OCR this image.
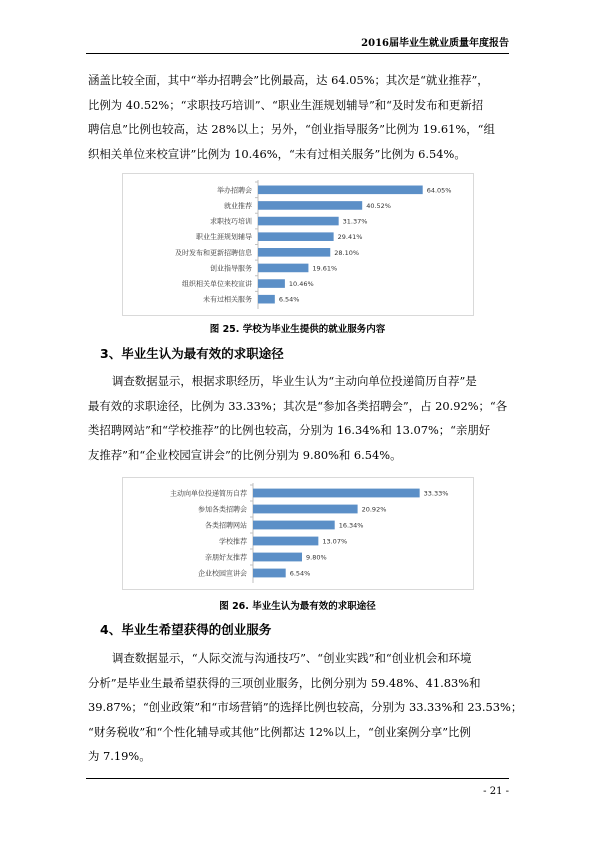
2016届毕业生就业质量年度报告
涵盖比较全面，其中“举办招聘会”比例最高，达 64.05%；其次是“就业推荐”，
比例为 40.52%；“求职技巧培训”、“职业生涯规划辅导”和“及时发布和更新招
聘信息”比例也较高，达 28%以上；另外，“创业指导服务”比例为 19.61%，“组
织相关单位来校宣讲”比例为 10.46%，“未有过相关服务”比例为 6.54%。
举办招聘会	64.05%
就业推荐	40.52%
求职技巧培训	31.37%
职业生涯规划辅导	29.41%
及时发布和更新招聘信息	28.10%
创业指导服务	19.61%
组织相关单位来校宣讲	10.46%
未有过相关服务	6.54%
图 25. 学校为毕业生提供的就业服务内容
3、毕业生认为最有效的求职途径
调查数据显示，根据求职经历，毕业生认为“主动向单位投递简历自荐”是
最有效的求职途径，比例为 33.33%；其次是“参加各类招聘会”，占 20.92%；“各
类招聘网站”和“学校推荐”的比例也较高，分别为 16.34%和 13.07%；“亲朋好
友推荐”和“企业校园宣讲会”的比例分别为 9.80%和 6.54%。
主动向单位投递简历自荐	33.33%
参加各类招聘会	20.92%
各类招聘网站	16.34%
学校推荐	13.07%
亲朋好友推荐	9.80%
企业校园宣讲会	6.54%
图 26. 毕业生认为最有效的求职途径
4、毕业生希望获得的创业服务
调查数据显示，“人际交流与沟通技巧”、“创业实践”和“创业机会和环境
分析”是毕业生最希望获得的三项创业服务，比例分别为 59.48%、41.83%和
39.87%；“创业政策”和“市场营销”的选择比例也较高，分别为 33.33%和 23.53%；
“财务税收”和“个性化辅导或其他”比例都达 12%以上，“创业案例分享”比例
为 7.19%。
- 21 -
